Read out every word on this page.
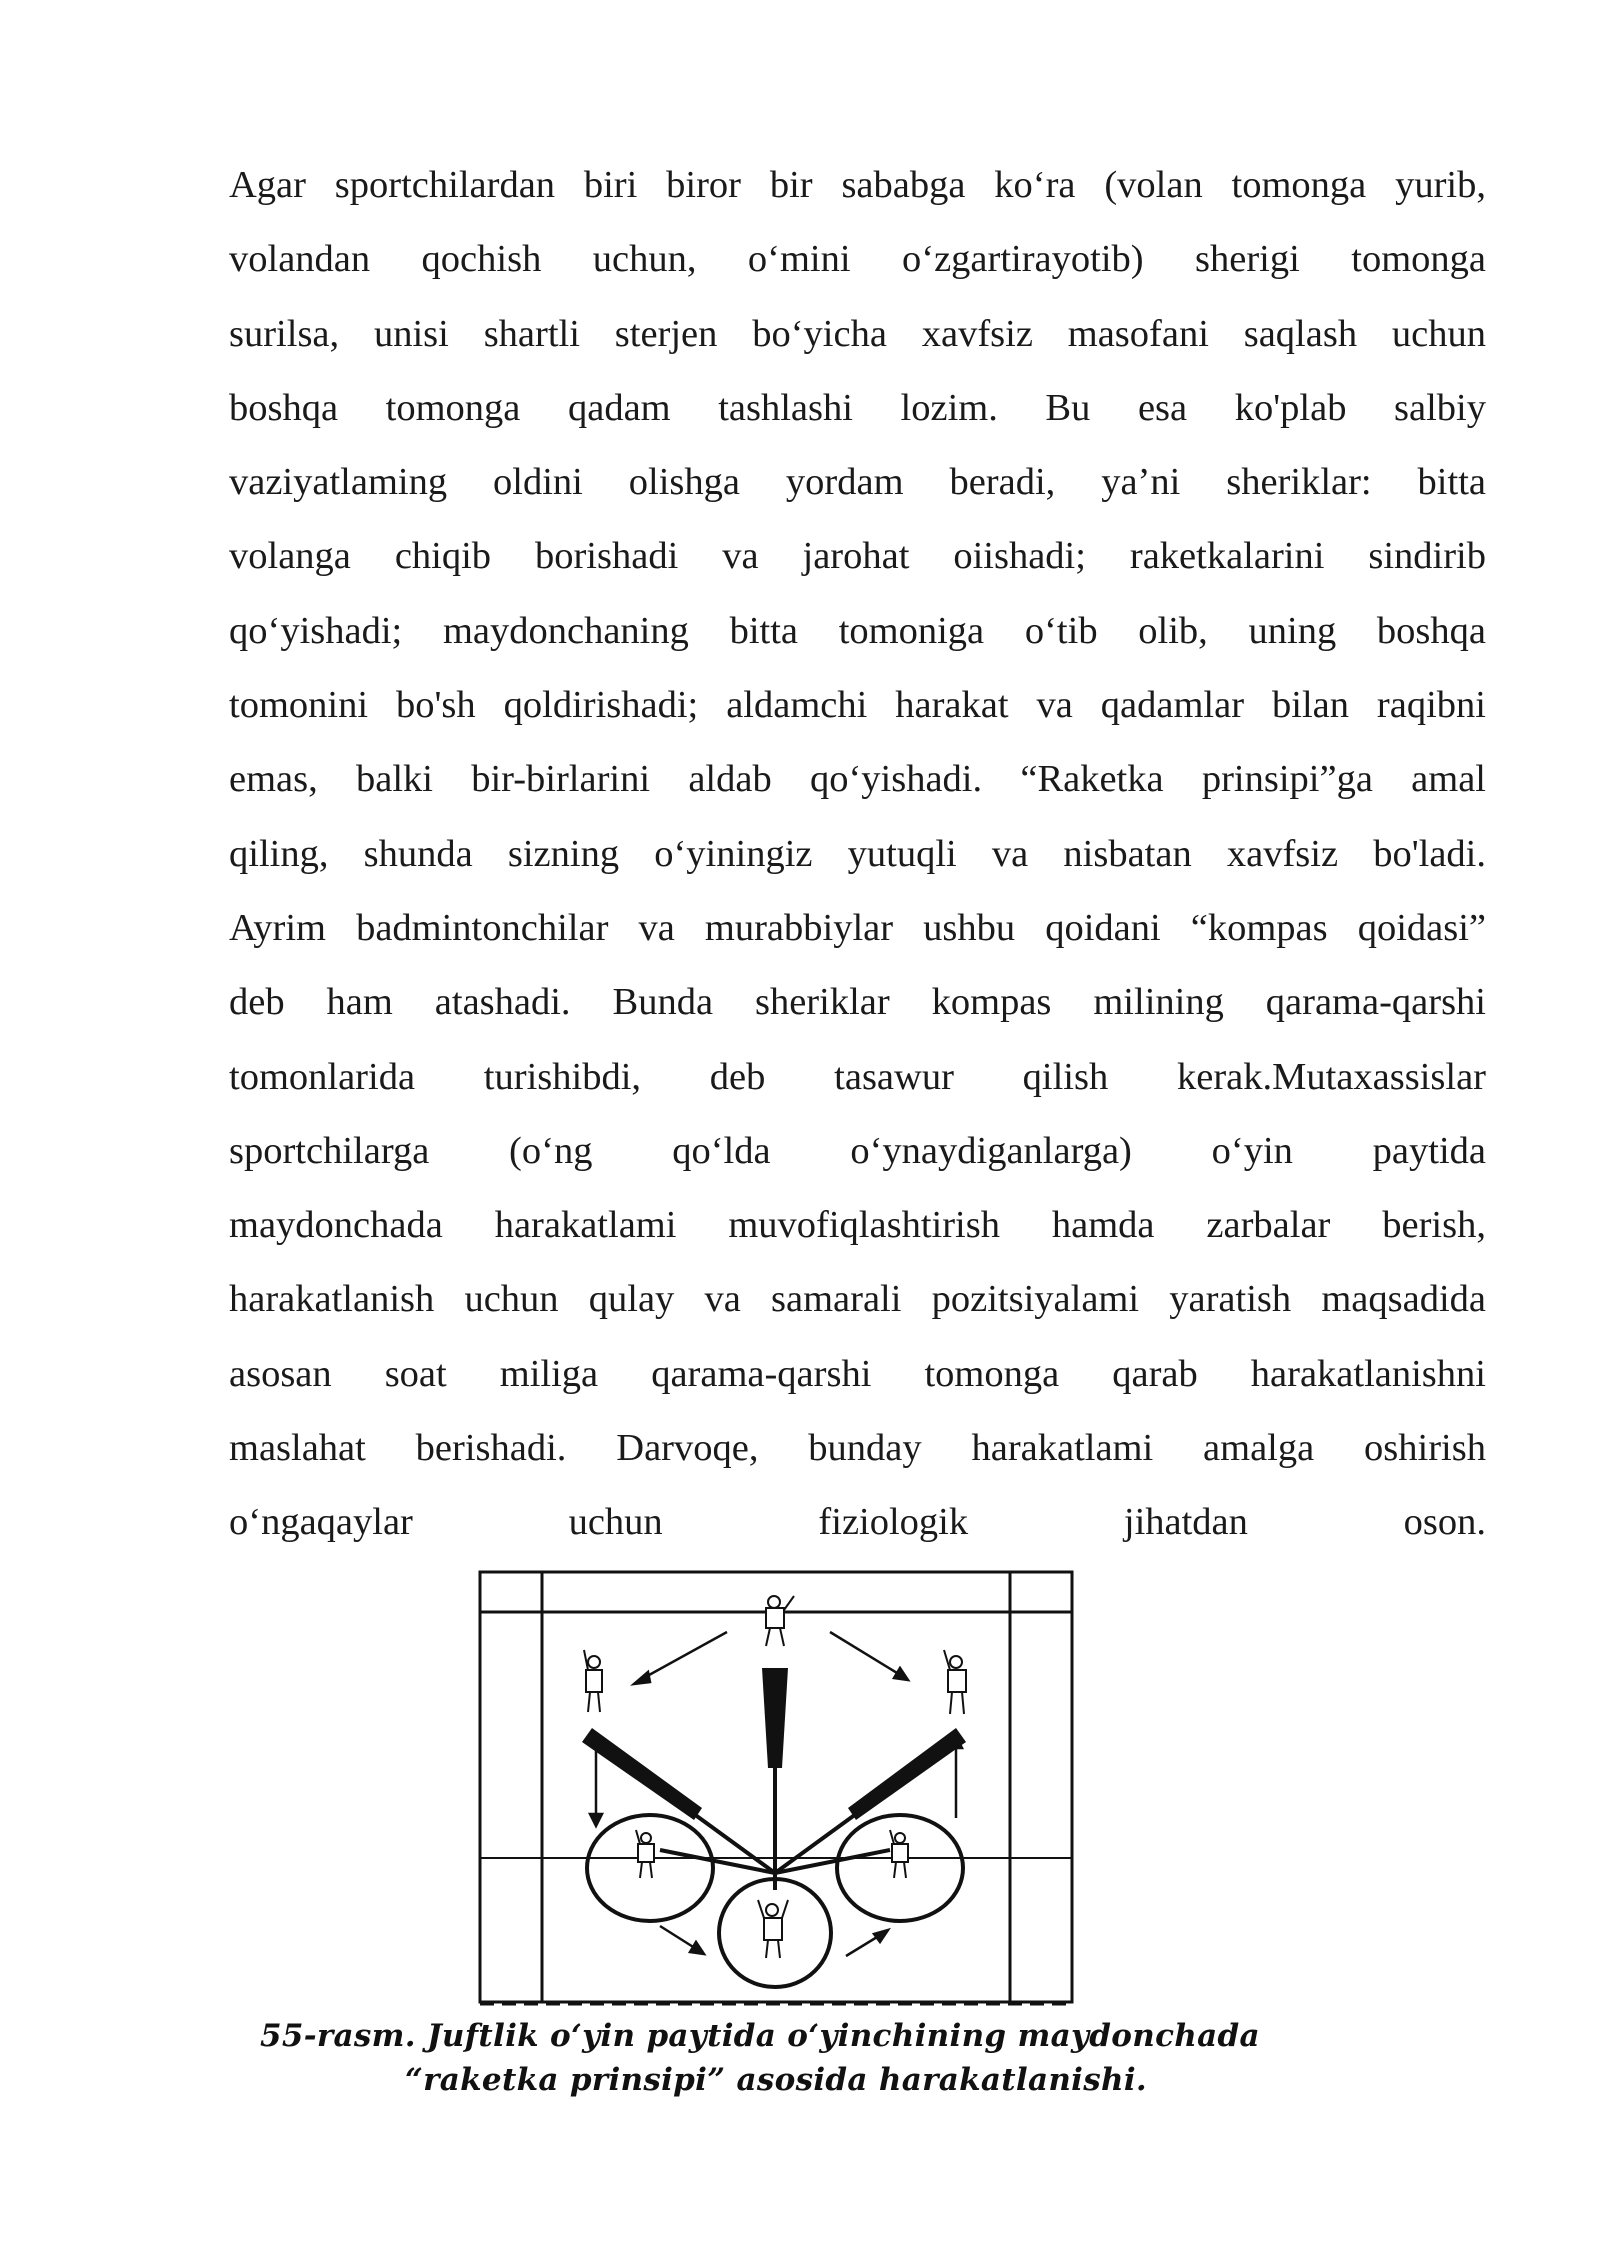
Agar sportchilardan biri biror bir sababga ko‘ra (volan tomonga yurib,
volandan qochish uchun, o‘mini o‘zgartirayotib) sherigi tomonga
surilsa, unisi shartli sterjen bo‘yicha xavfsiz masofani saqlash uchun
boshqa tomonga qadam tashlashi lozim. Bu esa ko'plab salbiy
vaziyatlaming oldini olishga yordam beradi, ya’ni sheriklar: bitta
volanga chiqib borishadi va jarohat oiishadi; raketkalarini sindirib
qo‘yishadi; maydonchaning bitta tomoniga o‘tib olib, uning boshqa
tomonini bo'sh qoldirishadi; aldamchi harakat va qadamlar bilan raqibni
emas, balki bir-birlarini aldab qo‘yishadi. “Raketka prinsipi”ga amal
qiling, shunda sizning o‘yiningiz yutuqli va nisbatan xavfsiz bo'ladi.
Ayrim badmintonchilar va murabbiylar ushbu qoidani “kompas qoidasi”
deb ham atashadi. Bunda sheriklar kompas milining qarama-qarshi
tomonlarida turishibdi, deb tasawur qilish kerak.Mutaxassislar
sportchilarga (o‘ng qo‘lda o‘ynaydiganlarga) o‘yin paytida
maydonchada harakatlami muvofiqlashtirish hamda zarbalar berish,
harakatlanish uchun qulay va samarali pozitsiyalami yaratish maqsadida
asosan soat miliga qarama-qarshi tomonga qarab harakatlanishni
maslahat berishadi. Darvoqe, bunday harakatlami amalga oshirish
o‘ngaqaylar uchun fiziologik jihatdan oson.
55-rasm. Juftlik o‘yin paytida o‘yinchining maydonchada
“raketka prinsipi” asosida harakatlanishi.
